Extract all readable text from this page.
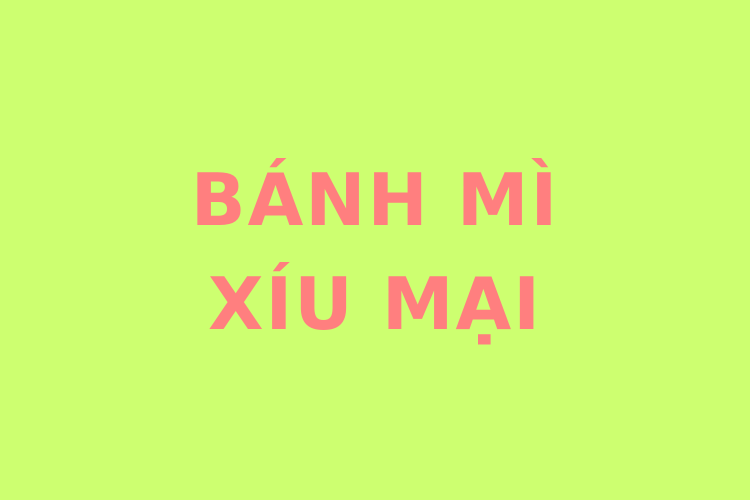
BÁNH MÌ
XÍU MẠI
